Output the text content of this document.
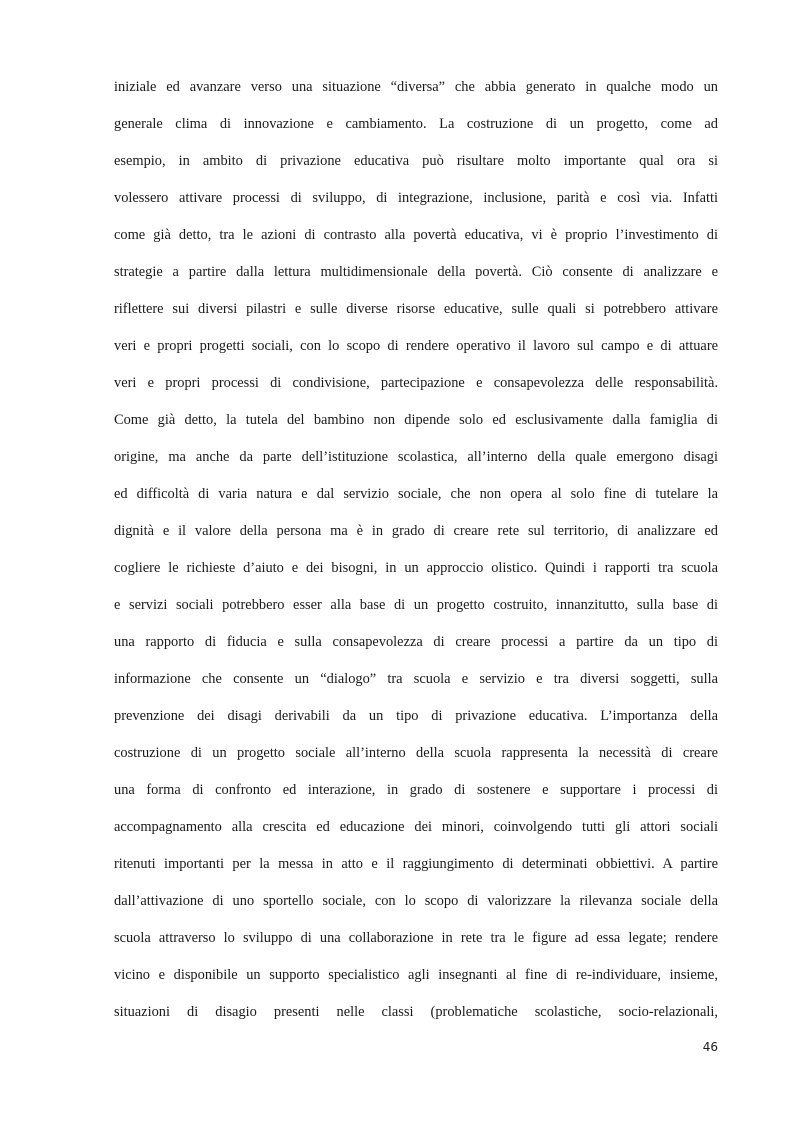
iniziale ed avanzare verso una situazione “diversa” che abbia generato in qualche modo un
generale clima di innovazione e cambiamento. La costruzione di un progetto, come ad
esempio, in ambito di privazione educativa può risultare molto importante qual ora si
volessero attivare processi di sviluppo, di integrazione, inclusione, parità e così via. Infatti
come già detto, tra le azioni di contrasto alla povertà educativa, vi è proprio l’investimento di
strategie a partire dalla lettura multidimensionale della povertà. Ciò consente di analizzare e
riflettere sui diversi pilastri e sulle diverse risorse educative, sulle quali si potrebbero attivare
veri e propri progetti sociali, con lo scopo di rendere operativo il lavoro sul campo e di attuare
veri e propri processi di condivisione, partecipazione e consapevolezza delle responsabilità.
Come già detto, la tutela del bambino non dipende solo ed esclusivamente dalla famiglia di
origine, ma anche da parte dell’istituzione scolastica, all’interno della quale emergono disagi
ed difficoltà di varia natura e dal servizio sociale, che non opera al solo fine di tutelare la
dignità e il valore della persona ma è in grado di creare rete sul territorio, di analizzare ed
cogliere le richieste d’aiuto e dei bisogni, in un approccio olistico. Quindi i rapporti tra scuola
e servizi sociali potrebbero esser alla base di un progetto costruito, innanzitutto, sulla base di
una rapporto di fiducia e sulla consapevolezza di creare processi a partire da un tipo di
informazione che consente un “dialogo” tra scuola e servizio e tra diversi soggetti, sulla
prevenzione dei disagi derivabili da un tipo di privazione educativa. L’importanza della
costruzione di un progetto sociale all’interno della scuola rappresenta la necessità di creare
una forma di confronto ed interazione, in grado di sostenere e supportare i processi di
accompagnamento alla crescita ed educazione dei minori, coinvolgendo tutti gli attori sociali
ritenuti importanti per la messa in atto e il raggiungimento di determinati obbiettivi. A partire
dall’attivazione di uno sportello sociale, con lo scopo di valorizzare la rilevanza sociale della
scuola attraverso lo sviluppo di una collaborazione in rete tra le figure ad essa legate; rendere
vicino e disponibile un supporto specialistico agli insegnanti al fine di re-individuare, insieme,
situazioni di disagio presenti nelle classi (problematiche scolastiche, socio-relazionali,
46
